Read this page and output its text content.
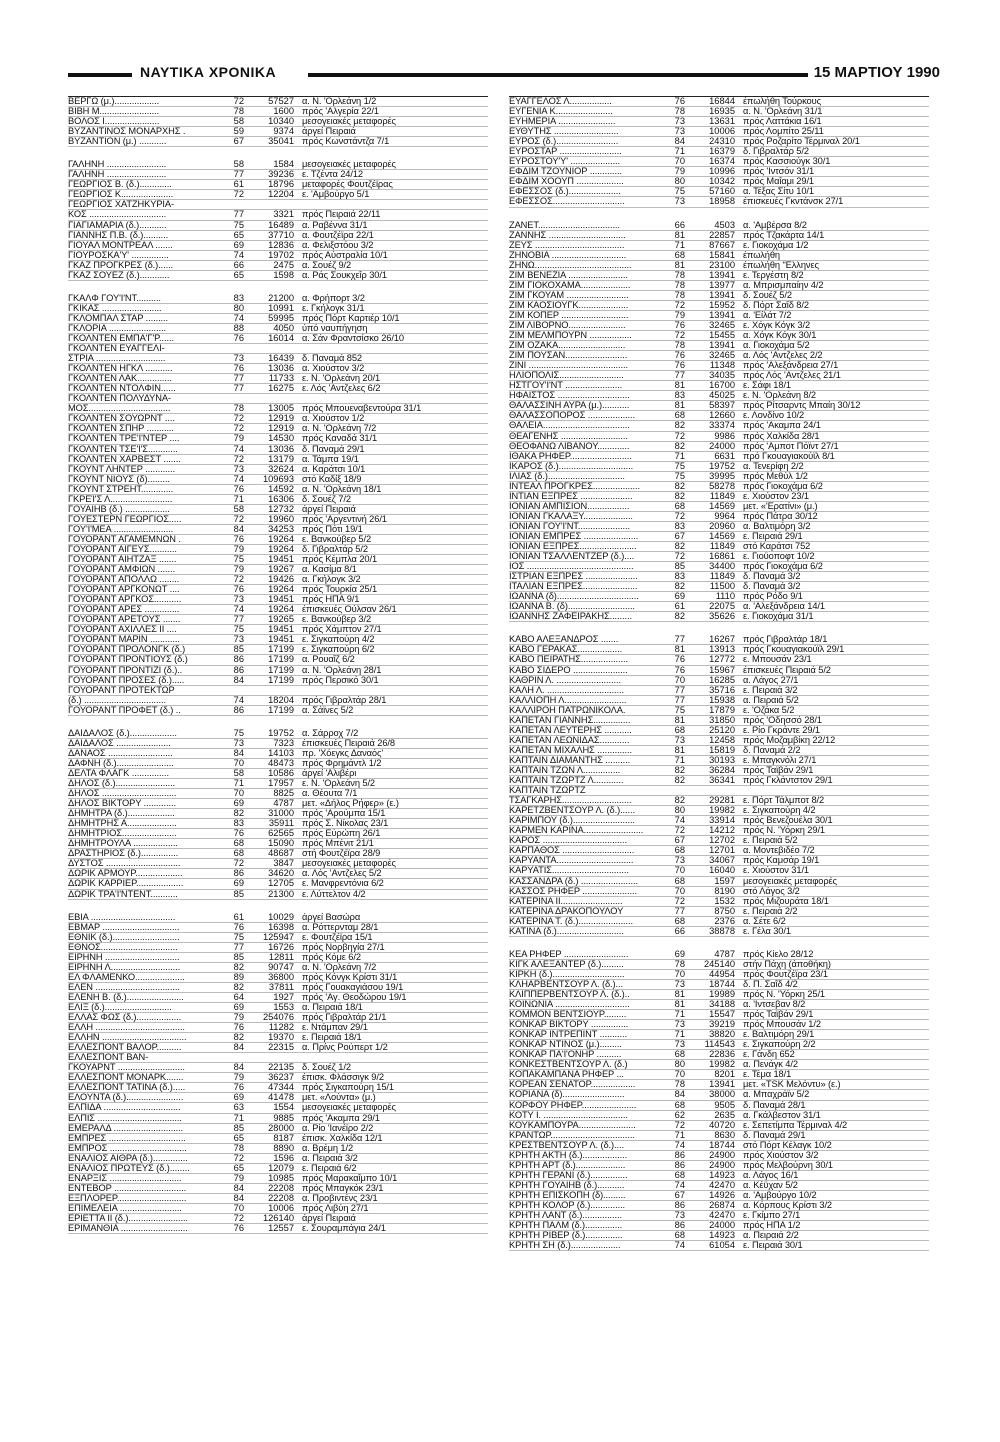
ΝΑΥΤΙΚΑ ΧΡΟΝΙΚΑ	15 ΜΑΡΤΙΟΥ 1990
ΒΕΡΓΩ (μ.)..................	72	57527 α. Ν. 'Ορλεάνη 1/2
ΒΙΒΗ Μ........................	78	1600 πρός 'Αλγερία 22/1
ΒΟΛΟΣ Ι......................	58	10340 μεσογειακές μεταφορές
ΒΥΖΑΝΤΙΝΟΣ ΜΟΝΑΡΧΗΣ .	59	9374 άργεί Πειραιά
ΒΥΖΑΝΤΙΟΝ (μ.) ...........	67	35041 πρός Κωνστάντζα 7/1
ΓΑΛΗΝΗ ........................	58	1584 μεσογειακές μεταφορές
ΓΑΛΗΝΗ ........................	77	39236 ε. Τζέντα 24/12
ΓΕΩΡΓΙΟΣ Β. (δ.).............	61	18796 μεταφορές Φουτζέϊρας
ΓΕΩΡΓΙΟΣ Κ.....................	72	12204 ε. 'Αμβούργο 5/1
ΓΕΩΡΓΙΟΣ ΧΑΤΖΗΚΥΡΙΑ-
ΚΟΣ ...............................	77	3321 πρός Πειραιά 22/11
ΓΙΑΓΙΑΜΑΡΙΑ (δ.)...........	75	16489 α. Ραβέννα 31/1
ΓΙΑΝΝΗΣ Π.Β. (δ.)..........	65	37710 α. Φουτζέϊρα 22/1
ΓΙΟΥΑΛ ΜΟΝΤΡΕΑΛ .......	69	12836 α. Φελιξστόου 3/2
ΓΙΟΥΡΟΣΚΑ'Υ' ...............	74	19702 πρός Αύστραλία 10/1
ΓΚΑΖ ΠΡΟΓΚΡΕΣ (δ.)......	66	2475 α. Σουέζ 9/2
ΓΚΑΖ ΣΟΥΕΖ (δ.)............	65	1598 α. Ράς Σουκχεΐρ 30/1
ΓΚΑΛΦ ΓΟΥ'Ι'ΝΤ..........	83	21200 α. Φρήπορτ 3/2
ΓΚΙΚΑΣ ........................	80	10991 ε. Γκήλογκ 31/1
ΓΚΛΟΜΠΑΛ ΣΤΑΡ .........	74	59995 πρός Πόρτ Καρτιέρ 10/1
ΓΚΛΟΡΙΑ .......................	88	4050 ύπό ναυπήγηση
ΓΚΟΛΝΤΕΝ ΕΜΠΑ'Γ'Ρ......	76	16014 α. Σάν Φραντσίσκο 26/10
ΓΚΟΛΝΤΕΝ ΕΥΑΓΓΕΛΙ-
ΣΤΡΙΑ ............................	73	16439 δ. Παναμά 852
ΓΚΟΛΝΤΕΝ ΗΓΚΛ ...........	76	13036 α. Χιούστον 3/2
ΓΚΟΛΝΤΕΝ ΛΑΚ..............	77	11733 ε. Ν. 'Ορλεάνη 20/1
ΓΚΟΛΝΤΕΝ ΝΤΟΛΦΙΝ......	77	16275 ε. Λός 'Αντζελες 6/2
ΓΚΟΛΝΤΕΝ ΠΟΛΥΔΥΝΑ-
ΜΟΣ.................................	78	13005 πρός Μπουεναβεντούρα 31/1
ΓΚΟΛΝΤΕΝ ΣΟΥΩΡΝΤ ....	72	12919 α. Χιούστον 1/2
ΓΚΟΛΝΤΕΝ ΣΠΗΡ ...........	72	12919 α. Ν. 'Ορλεάνη 7/2
ΓΚΟΛΝΤΕΝ ΤΡΕ'Ι'ΝΤΕΡ ....	79	14530 πρός Καναδά 31/1
ΓΚΟΛΝΤΕΝ ΤΣΕ'Ι'Σ............	74	13036 δ. Παναμά 29/1
ΓΚΟΛΝΤΕΝ ΧΑΡΒΕΣΤ .......	72	13179 α. Τάμπα 19/1
ΓΚΟΥΝΤ ΛΗΝΤΕΡ ............	73	32624 α. Καράτσι 10/1
ΓΚΟΥΝΤ ΝΙΟΥΣ (δ).........	74	109693 στό Καδίξ 18/9
ΓΚΟΥΝΤ ΣΤΡΕΗΤ.............	76	14592 α. Ν. 'Ορλεάνη 18/1
ΓΚΡΕΊ'Σ Λ.........................	71	16306 δ. Σουέζ 7/2
ΓΟΥΑΙΗΒ (δ.) ..................	58	12732 άργεί Πειραιά
ΓΟΥΕΣΤΕΡΝ ΓΕΩΡΓΙΟΣ.....	72	19960 πρός 'Αργεντινή 26/1
ΓΟΥ'Ι'ΜΕΑ ........................	84	34253 πρός Πότι 19/1
ΓΟΥΟΡΑΝΤ ΑΓΑΜΕΜΝΩΝ .	76	19264 ε. Βανκούβερ 5/2
ΓΟΥΟΡΑΝΤ ΑΙΓΕΥΣ...........	79	19264 δ. Γιβραλτάρ 5/2
ΓΟΥΟΡΑΝΤ ΑΙΗΤΖΑΞ .......	75	19451 πρός Κέμπλα 20/1
ΓΟΥΟΡΑΝΤ ΑΜΦΙΩΝ .......	79	19267 α. Κασίμα 8/1
ΓΟΥΟΡΑΝΤ ΑΠΟΛΛΩ ........	72	19426 α. Γκήλογκ 3/2
ΓΟΥΟΡΑΝΤ ΑΡΓΚΟΝΩΤ ....	76	19264 πρός Τουρκία 25/1
ΓΟΥΟΡΑΝΤ ΑΡΓΚΟΣ...........	73	19451 πρός ΗΠΑ 9/1
ΓΟΥΟΡΑΝΤ ΑΡΕΣ ..............	74	19264 έπισκευές Ούλσαν 26/1
ΓΟΥΟΡΑΝΤ ΑΡΕΤΟΥΣ .......	77	19265 ε. Βανκούβερ 3/2
ΓΟΥΟΡΑΝΤ ΑΧΙΛΛΕΣ ΙΙ ....	75	19451 πρός Χάμπτον 27/1
ΓΟΥΟΡΑΝΤ ΜΑΡΙΝ ............	73	19451 ε. Σιγκαπούρη 4/2
ΓΟΥΟΡΑΝΤ ΠΡΟΛΟΝΓΚ (δ.)	85	17199 ε. Σιγκαπούρη 6/2
ΓΟΥΟΡΑΝΤ ΠΡΟΝΤΙΟΥΣ (δ.)	86	17199 α. Ρουαΐζ 6/2
ΓΟΥΟΡΑΝΤ ΠΡΟΝΤΙΖΙ (δ.)..	86	17199 α. Ν. 'Ορλεάνη 28/1
ΓΟΥΟΡΑΝΤ ΠΡΟΣΕΣ (δ.).....	84	17199 πρός Περσικό 30/1
ΓΟΥΟΡΑΝΤ ΠΡΟΤΕΚΤΩΡ
(δ.) .................................	74	18204 πρός Γιβραλτάρ 28/1
ΓΟΥΟΡΑΝΤ ΠΡΟΦΕΤ (δ.) ..	86	17199 α. Σάϊνες 5/2
ΔΑΙΔΑΛΟΣ (δ.)...................	75	19752 α. Σάρροχ 7/2
ΔΑΙΔΑΛΟΣ ......................	73	7323 έπισκευές Πειραιά 26/8
ΔΑΝΑΟΣ ..........................	84	14103 πρ. 'Χόεγκς Δαναός'
ΔΑΦΝΗ (δ.).......................	70	48473 πρός Φρημάντλ 1/2
ΔΕΛΤΑ ΦΛΑΓΚ ...............	58	10586 άργεί 'Αλιβέρι
ΔΗΛΟΣ (δ.)........................	71	17957 ε. Ν. 'Ορλεάνη 5/2
ΔΗΛΟΣ ..............................	70	8825 α. Θέουτα 7/1
ΔΗΛΟΣ ΒΙΚΤΟΡΥ .............	69	4787 μετ. «Δήλος Ρήφερ» (ε.)
ΔΗΜΗΤΡΑ (δ.)...................	82	31000 πρός 'Αρούμπα 15/1
ΔΗΜΗΤΡΗΣ Α....................	83	35911 πρός Σ. Νίκολας 23/1
ΔΗΜΗΤΡΙΟΣ......................	76	62565 πρός Εύρώπη 26/1
ΔΗΜΗΤΡΟΥΛΑ ..................	68	15090 πρός Μπένιτ 21/1
ΔΡΑΣΤΗΡΙΟΣ (δ.)...............	68	48687 στή Φουτζέϊρα 28/9
ΔΥΣΤΟΣ ..............................	72	3847 μεσογειακές μεταφορές
ΔΩΡΙΚ ΑΡΜΟΥΡ...................	86	34620 α. Λός 'Αντζελες 5/2
ΔΩΡΙΚ ΚΑΡΡΙΕΡ...................	69	12705 ε. Μανφρεντόνια 6/2
ΔΩΡΙΚ ΤΡΑ'Ι'ΝΤΕΝΤ...........	85	21300 ε. Λύττελτον 4/2
ΕΒΙΑ ..................................	61	10029 άργεί Βασώρα
ΕΒΜΑΡ ...............................	76	16398 α. Ρόττερνταμ 28/1
ΕΘΝΙΚ (δ.)...........................	75	125947 ε. Φουτζέϊρα 15/1
ΕΘΝΟΣ...............................	77	16726 πρός Νορβηγία 27/1
ΕΙΡΗΝΗ ..............................	85	12811 πρός Κόμε 6/2
ΕΙΡΗΝΗ Λ............................	82	90747 α. Ν. 'Ορλεάνη 7/2
ΕΛ ΦΛΑΜΕΝΚΟ....................	89	36800 πρός Κόνγκ Κρίστι 31/1
ΕΛΕΝ ..................................	82	37811 πρός Γουακαγιάσου 19/1
ΕΛΕΝΗ Β. (δ.).......................	64	1927 πρός 'Αγ. Θεοδώρου 19/1
ΕΛΙΞ (δ.)...........................	69	1553 α. Πειραιά 18/1
ΕΛΛΑΣ ΦΩΣ (δ.)..................	79	254076 πρός Γιβραλτάρ 21/1
ΕΛΛΗ ....................................	76	11282 ε. Ντάμπαν 29/1
ΕΛΛΗΝ ..................................	82	19370 ε. Πειραιά 18/1
ΕΛΛΕΣΠΟΝΤ ΒΑΛΟΡ..........	84	22315 α. Πρίνς Ρούπερτ 1/2
ΕΛΛΕΣΠΟΝΤ ΒΑΝ-
ΓΚΟΥΑΡΝΤ ...........................	84	22135 δ. Σουέζ 1/2
ΕΛΛΕΣΠΟΝΤ ΜΟΝΑΡΚ.......	79	36237 έπισκ. Φλάσσιγκ 9/2
ΕΛΛΕΣΠΟΝΤ ΤΑΤΙΝΑ (δ.).....	76	47344 πρός Σιγκαπούρη 15/1
ΕΛΟΥΝΤΑ (δ.).......................	69	41478 μετ. «Λούντα» (μ.)
ΕΛΠΙΔΑ ...............................	63	1554 μεσογειακές μεταφορές
ΕΛΠΙΣ ..................................	71	9885 πρός 'Ακαμπα 29/1
ΕΜΕΡΑΛΔ ............................	85	28000 α. Ρίο 'Ιανέϊρο 2/2
ΕΜΠΡΕΣ ...............................	65	8187 έπισκ. Χαλκίδα 12/1
ΕΜΠΡΟΣ ...............................	78	8890 α. Βρέμη 1/2
ΕΝΑΛΙΟΣ ΑΙΘΡΑ (δ.)..............	72	1596 α. Πειραιά 3/2
ΕΝΑΛΙΟΣ ΠΡΩΤΕΥΣ (δ.)........	65	12079 ε. Πειραιά 6/2
ΕΝΑΡΞΙΣ .............................	79	10985 πρός Μαρακαΐμπο 10/1
ΕΝΤΕΒΟΡ .............................	84	22208 πρός Μπαγκόκ 23/1
ΕΞΠΛΟΡΕΡ............................	84	22208 α. Προβιντένς 23/1
ΕΠΙΜΕΛΕΙΑ .........................	70	10006 πρός Λιβύη 27/1
ΕΡΙΕΤΤΑ ΙΙ (δ.)........................	72	126140 άργεί Πειραιά
ΕΡΙΜΑΝΘΙΑ ...........................	76	12557 ε. Σουραμπάγια 24/1
ΕΥΑΓΓΕΛΟΣ Λ.................	76	16844 έπωλήθη Τούρκους
ΕΥΓΕΝΙΑ Κ.......................	78	16935 α. Ν. 'Ορλεάνη 31/1
ΕΥΗΜΕΡΙΑ .......................	73	13631 πρός Λαττάκια 16/1
ΕΥΘΥΤΗΣ ..........................	73	10006 πρός Λομπίτο 25/11
ΕΥΡΟΣ (δ.).........................	84	24310 πρός Ροζαρίτο Τέρμιναλ 20/1
ΕΥΡΟΣΤΑΡ .........................	71	16379 δ. Γιβραλτάρ 5/2
ΕΥΡΟΣΤΟΥ'Υ' ....................	70	16374 πρός Κασσιούγκ 30/1
ΕΦΔΙΜ ΤΖΟΥΝΙΟΡ .............	79	10996 πρός 'Ιντσόν 31/1
ΕΦΔΙΜ ΧΟΟΥΠ ...................	80	10342 πρός Μαΐαμι 29/1
ΕΦΕΣΣΟΣ (δ.).....................	75	57160 α. Τέξας Σίτυ 10/1
ΕΦΕΣΣΟΣ.............................	73	18958 έπισκευές Γκντάνσκ 27/1
ΖΑΝΕΤ.................................	66	4503 α. 'Αμβέρσα 8/2
ΖΑΝΝΗΣ ...............................	81	22857 πρός Τζακάρτα 14/1
ΖΕΥΣ ....................................	71	87667 ε. Γιοκοχάμα 1/2
ΖΗΝΟΒΙΑ ..............................	68	15841 έπωλήθη
ΖΗΝΩ.......................................	81	23100 έπωλήθη "Ελληνες
ΖΙΜ ΒΕΝΕΖΙΑ ........................	78	13941 ε. Τεργέστη 8/2
ΖΙΜ ΓΙΟΚΟΧΑΜΑ....................	78	13977 α. Μπρισμπαίην 4/2
ΖΙΜ ΓΚΟΥΑΜ .........................	78	13941 δ. Σουέζ 5/2
ΖΙΜ ΚΑΟΣΙΟΥΓΚ....................	72	15952 δ. Πόρτ Σαΐδ 8/2
ΖΙΜ ΚΟΠΕΡ ...........................	79	13941 α. 'Είλάτ 7/2
ΖΙΜ ΛΙΒΟΡΝΟ.......................	76	32465 ε. Χόγκ Κόγκ 3/2
ΖΙΜ ΜΕΛΜΠΟΥΡΝ .................	72	15455 α. Χόγκ Κόγκ 30/1
ΖΙΜ ΟΖΑΚΑ...........................	78	13941 α. Γιοκοχάμα 5/2
ΖΙΜ ΠΟΥΣΑΝ.........................	76	32465 α. Λός 'Αντζελες 2/2
ΖΙΝΙ ........................................	76	11348 πρός 'Αλεξάνδρεια 27/1
ΗΛΙΟΠΟΛΙΣ..........................	77	34035 πρός Λός 'Αντζελες 21/1
ΗΣΤΓΟΥ'Ι'ΝΤ .......................	81	16700 ε. Σάφι 18/1
ΗΦΑΙΣΤΟΣ .............................	83	45025 ε. Ν. 'Ορλεάνη 8/2
ΘΑΛΑΣΣΙΝΗ ΑΥΡΑ (μ.)...........	81	58397 πρός Ρίτσαρντς Μπαίη 30/12
ΘΑΛΑΣΣΟΠΟΡΟΣ ...................	68	12660 ε. Λονδίνο 10/2
ΘΑΛΕΙΑ...................................	82	33374 πρός 'Ακαμπα 24/1
ΘΕΑΓΕΝΗΣ ...........................	72	9986 πρός Χαλκίδα 28/1
ΘΕΟΦΑΝΩ ΛΙΒΑΝΟΥ.............	82	24000 πρός 'Αμποτ Πόϊντ 27/1
ΙΘΑΚΑ ΡΗΦΕΡ.........................	71	6631 πρό Γκουαγιακούϊλ 8/1
ΙΚΑΡΟΣ (δ.)..............................	75	19752 α. Τενερίφη 2/2
ΙΛΙΑΣ (δ.)...............................	75	39995 πρός Μεθύλ 1/2
ΙΝΤΕΑΛ ΠΡΟΓΚΡΕΣ...................	82	58278 πρός Γιοκοχάμα 6/2
ΙΝΤΙΑΝ ΕΞΠΡΕΣ .....................	82	11849 ε. Χιούστον 23/1
ΙΟΝΙΑΝ ΑΜΠΙΣΙΟΝ.................	68	14569 μετ. «'Ερατίνι» (μ.)
ΙΟΝΙΑΝ ΓΚΑΛΑΞΥ....................	72	9964 πρός Πάτρα 30/12
ΙΟΝΙΑΝ ΓΟΥ'Ι'ΝΤ.....................	83	20960 α. Βαλτιμόρη 3/2
ΙΟΝΙΑΝ ΕΜΠΡΕΣ ......................	67	14569 ε. Πειραιά 29/1
ΙΟΝΙΑΝ ΕΞΠΡΕΣ.......................	82	11849 στό Καράτσι 752
ΙΟΝΙΑΝ ΤΣΑΛΛΕΝΤΖΕΡ (δ.)....	72	16861 ε. Γιοϋοποφτ 10/2
ΙΟΣ ...........................................	85	34400 πρός Γιοκοχάμα 6/2
ΙΣΤΡΙΑΝ ΕΞΠΡΕΣ .....................	83	11849 δ. Παναμά 3/2
ΙΤΑΛΙΑΝ ΕΞΠΡΕΣ......................	82	11500 δ. Παναμά 3/2
ΙΩΑΝΝΑ (δ).................................	69	1110 πρός Ρόδο 9/1
ΙΩΑΝΝΑ Β. (δ)...........................	61	22075 α. 'Αλεξάνδρεια 14/1
ΙΩΑΝΝΗΣ ΖΑΦΕΙΡΑΚΗΣ.........	82	35626 ε. Γιοκοχάμα 31/1
ΚΑΒΟ ΑΛΕΞΑΝΔΡΟΣ .......	77	16267 πρός Γιβραλτάρ 18/1
ΚΑΒΟ ΓΕΡΑΚΑΣ..................	81	13913 πρός Γκουαγιακούϊλ 29/1
ΚΑΒΟ ΠΕΙΡΑΤΗΣ...................	76	12772 ε. Μπουσάν 23/1
ΚΑΒΟ ΣΙΔΕΡΟ ......................	76	15967 έπισκευές Πειραιά 5/2
ΚΑΘΡΙΝ Λ. ..........................	70	16285 α. Λάγος 27/1
ΚΑΛΗ Λ. ...............................	77	35716 ε. Πειραιά 3/2
ΚΑΛΛΙΟΠΗ Λ.........................	77	15938 α. Πειραιά 5/2
ΚΑΛΛΙΡΟΗ ΠΑΤΡΩΝΙΚΟΛΑ.	75	17879 ε. 'Οζάκα 5/2
ΚΑΠΕΤΑΝ ΓΙΑΝΝΗΣ...............	81	31850 πρός 'Οδησσό 28/1
ΚΑΠΕΤΑΝ ΛΕΥΤΕΡΗΣ ...........	68	25120 ε. Ρίο Γκράντε 29/1
ΚΑΠΕΤΑΝ ΛΕΩΝΙΔΑΣ............	73	12458 πρός Μοζαμβίκη 22/12
ΚΑΠΕΤΑΝ ΜΙΧΑΛΗΣ ..............	81	15819 δ. Παναμά 2/2
ΚΑΠΤΑΙΝ ΔΙΑΜΑΝΤΗΣ ..........	71	30193 ε. Μπαγκνόλι 27/1
ΚΑΠΤΑΙΝ ΤΖΩΝ Λ...............	82	36284 πρός Ταϊβάν 29/1
ΚΑΠΤΑΙΝ ΤΖΩΡΤΖ Λ............	82	36341 πρός Γκλάντστον 29/1
ΚΑΠΤΑΙΝ ΤΖΩΡΤΖ
ΤΣΑΓΚΑΡΗΣ............................	82	29281 ε. Πόρτ Τάλμποτ 8/2
ΚΑΡΕΤΖΒΕΝΤΣΟΥΡ Λ. (δ.)......	80	19982 ε. Σιγκαπούρη 4/2
ΚΑΡΙΜΠΟΥ (δ.).........................	74	33914 πρός Βενεζουέλα 30/1
ΚΑΡΜΕΝ ΚΑΡΙΝΑ........................	72	14212 πρός Ν. 'Υόρκη 29/1
ΚΑΡΟΣ ..................................	67	12702 ε. Πειραιά 5/2
ΚΑΡΠΑΘΟΣ .............................	68	12701 α. Μοντεβιδέο 7/2
ΚΑΡΥΑΝΤΑ...............................	73	34067 πρός Καμσάρ 19/1
ΚΑΡΥΑΤΙΣ...............................	70	16040 ε. Χιούστον 31/1
ΚΑΣΣΑΝΔΡΑ (δ.) .......................	68	1597 μεσογειακές μεταφορές
ΚΑΣΣΟΣ ΡΗΦΕΡ ......................	70	8190 στό Λάγος 3/2
ΚΑΤΕΡΙΝΑ ΙΙ.........................	72	1532 πρός Μιζουράτα 18/1
ΚΑΤΕΡΙΝΑ ΔΡΑΚΟΠΟΥΛΟΥ	77	8750 ε. Πειραιά 2/2
ΚΑΤΕΡΙΝΑ Τ. (δ.)......................	68	2376 α. Σέτε 6/2
ΚΑΤΙΝΑ (δ.)...........................	66	38878 ε. Γέλα 30/1
ΚΕΑ ΡΗΦΕΡ ..........................	69	4787 πρός Κίελο 28/12
ΚΙΓΚ ΑΛΕΞΑΝΤΕΡ (δ.).........	78	245140 στήν Πάχη (άποθήκη)
ΚΙΡΚΗ (δ.).............................	70	44954 πρός Φουτζέϊρα 23/1
ΚΛΗΑΡΒΕΝΤΣΟΥΡ Λ. (δ.)...	73	18744 δ. Π. Σαΐδ 4/2
ΚΛΙΠΠΕΡΒΕΝΤΣΟΥΡ Λ. (δ.)..	81	19989 πρός Ν. 'Υόρκη 25/1
ΚΟΙΝΩΝΙΑ ..............................	81	34188 α. 'Ιντσεβαν 8/2
ΚΟΜΜΟΝ ΒΕΝΤΣΙΟΥΡ.........	71	15547 πρός Ταϊβάν 29/1
ΚΟΝΚΑΡ ΒΙΚΤΟΡΥ ...............	73	39219 πρός Μπουσάν 1/2
ΚΟΝΚΑΡ ΙΝΤΡΕΠΙΝΤ ...........	71	38820 ε. Βαλτιμόρη 29/1
ΚΟΝΚΑΡ ΝΤΙΝΟΣ (μ.).........	73	114543 ε. Σιγκαπούρη 2/2
ΚΟΝΚΑΡ ΠΑ'Ι'ΟΝΗΡ ..........	68	22836 ε. Γάνδη 652
ΚΟΝΚΕΣΤΒΕΝΤΣΟΥΡ Λ. (δ.)	80	19982 α. Πενάγκ 4/2
ΚΟΠΑΚΑΜΠΑΝΑ ΡΗΦΕΡ ...	70	8201 ε. Τέμα 18/1
ΚΟΡΕΑΝ ΣΕΝΑΤΟΡ..................	78	13941 μετ. «TSK Μελόντυ» (ε.)
ΚΟΡΙΑΝΑ (δ).........................	84	38000 α. Μπαχράϊν 5/2
ΚΟΡΦΟΥ ΡΗΦΕΡ......................	68	9505 δ. Παναμά 28/1
ΚΟΤΥ Ι. ..................................	62	2635 α. Γκάλβεστον 31/1
ΚΟΥΚΑΜΠΟΥΡΑ.......................	72	40720 ε. Σεπετίμπα Τέρμιναλ 4/2
ΚΡΑΝΤΩΡ..................................	71	8630 δ. Παναμά 29/1
ΚΡΕΣΤΒΕΝΤΣΟΥΡ Λ. (δ.)....	74	18744 στό Πόρτ Κέλαγκ 10/2
ΚΡΗΤΗ ΑΚΤΗ (δ.)..................	86	24900 πρός Χιούστον 3/2
ΚΡΗΤΗ ΑΡΤ (δ.)....................	86	24900 πρός Μελβούρνη 30/1
ΚΡΗΤΗ ΓΕΡΑΝΙ (δ.)...............	68	14923 α. Λάγος 16/1
ΚΡΗΤΗ ΓΟΥΑΙΗΒ (δ.)...........	74	42470 α. Κέϋχαν 5/2
ΚΡΗΤΗ ΕΠΙΣΚΟΠΗ (δ).........	67	14926 α. 'Αμβούργο 10/2
ΚΡΗΤΗ ΚΟΛΟΡ (δ.)..............	86	26874 α. Κόρπους Κρίστι 3/2
ΚΡΗΤΗ ΛΑΝΤ (δ.)................	73	42470 ε. Γκίμπο 27/1
ΚΡΗΤΗ ΠΑΛΜ (δ.)...............	86	24000 πρός ΗΠΑ 1/2
ΚΡΗΤΗ ΡΙΒΕΡ (δ.)...............	68	14923 α. Πειραιά 2/2
ΚΡΗΤΗ ΣΗ (δ.)....................	74	61054 ε. Πειραιά 30/1
